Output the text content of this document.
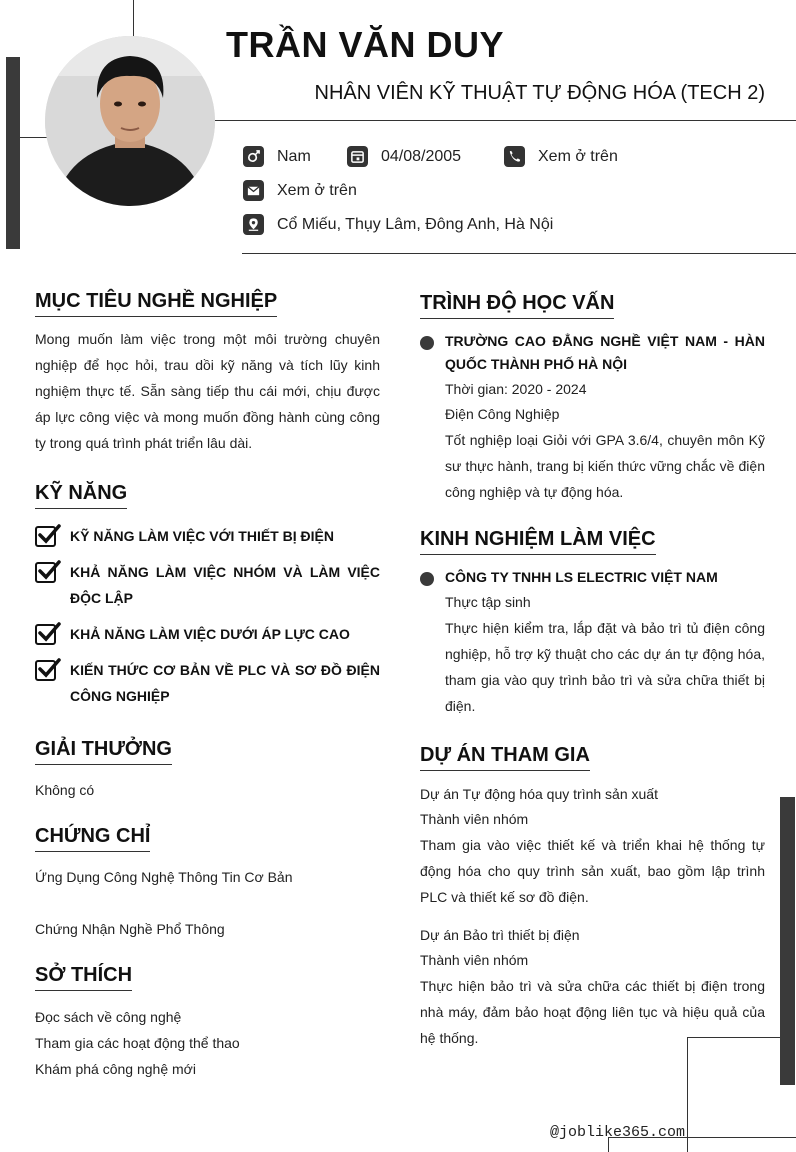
TRẦN VĂN DUY
NHÂN VIÊN KỸ THUẬT TỰ ĐỘNG HÓA (TECH 2)
Nam	04/08/2005	Xem ở trên
Xem ở trên
Cổ Miếu, Thụy Lâm, Đông Anh, Hà Nội
MỤC TIÊU NGHỀ NGHIỆP
Mong muốn làm việc trong một môi trường chuyên nghiệp để học hỏi, trau dồi kỹ năng và tích lũy kinh nghiệm thực tế. Sẵn sàng tiếp thu cái mới, chịu được áp lực công việc và mong muốn đồng hành cùng công ty trong quá trình phát triển lâu dài.
KỸ NĂNG
KỸ NĂNG LÀM VIỆC VỚI THIẾT BỊ ĐIỆN
KHẢ NĂNG LÀM VIỆC NHÓM VÀ LÀM VIỆC ĐỘC LẬP
KHẢ NĂNG LÀM VIỆC DƯỚI ÁP LỰC CAO
KIẾN THỨC CƠ BẢN VỀ PLC VÀ SƠ ĐỒ ĐIỆN CÔNG NGHIỆP
GIẢI THƯỞNG
Không có
CHỨNG CHỈ
Ứng Dụng Công Nghệ Thông Tin Cơ Bản
Chứng Nhận Nghề Phổ Thông
SỞ THÍCH
Đọc sách về công nghệ
Tham gia các hoạt động thể thao
Khám phá công nghệ mới
TRÌNH ĐỘ HỌC VẤN
TRƯỜNG CAO ĐẲNG NGHỀ VIỆT NAM - HÀN QUỐC THÀNH PHỐ HÀ NỘI
Thời gian: 2020 - 2024
Điện Công Nghiệp
Tốt nghiệp loại Giỏi với GPA 3.6/4, chuyên môn Kỹ sư thực hành, trang bị kiến thức vững chắc về điện công nghiệp và tự động hóa.
KINH NGHIỆM LÀM VIỆC
CÔNG TY TNHH LS ELECTRIC VIỆT NAM
Thực tập sinh
Thực hiện kiểm tra, lắp đặt và bảo trì tủ điện công nghiệp, hỗ trợ kỹ thuật cho các dự án tự động hóa, tham gia vào quy trình bảo trì và sửa chữa thiết bị điện.
DỰ ÁN THAM GIA
Dự án Tự động hóa quy trình sản xuất
Thành viên nhóm
Tham gia vào việc thiết kế và triển khai hệ thống tự động hóa cho quy trình sản xuất, bao gồm lập trình PLC và thiết kế sơ đồ điện.
Dự án Bảo trì thiết bị điện
Thành viên nhóm
Thực hiện bảo trì và sửa chữa các thiết bị điện trong nhà máy, đảm bảo hoạt động liên tục và hiệu quả của hệ thống.
@joblike365.com
